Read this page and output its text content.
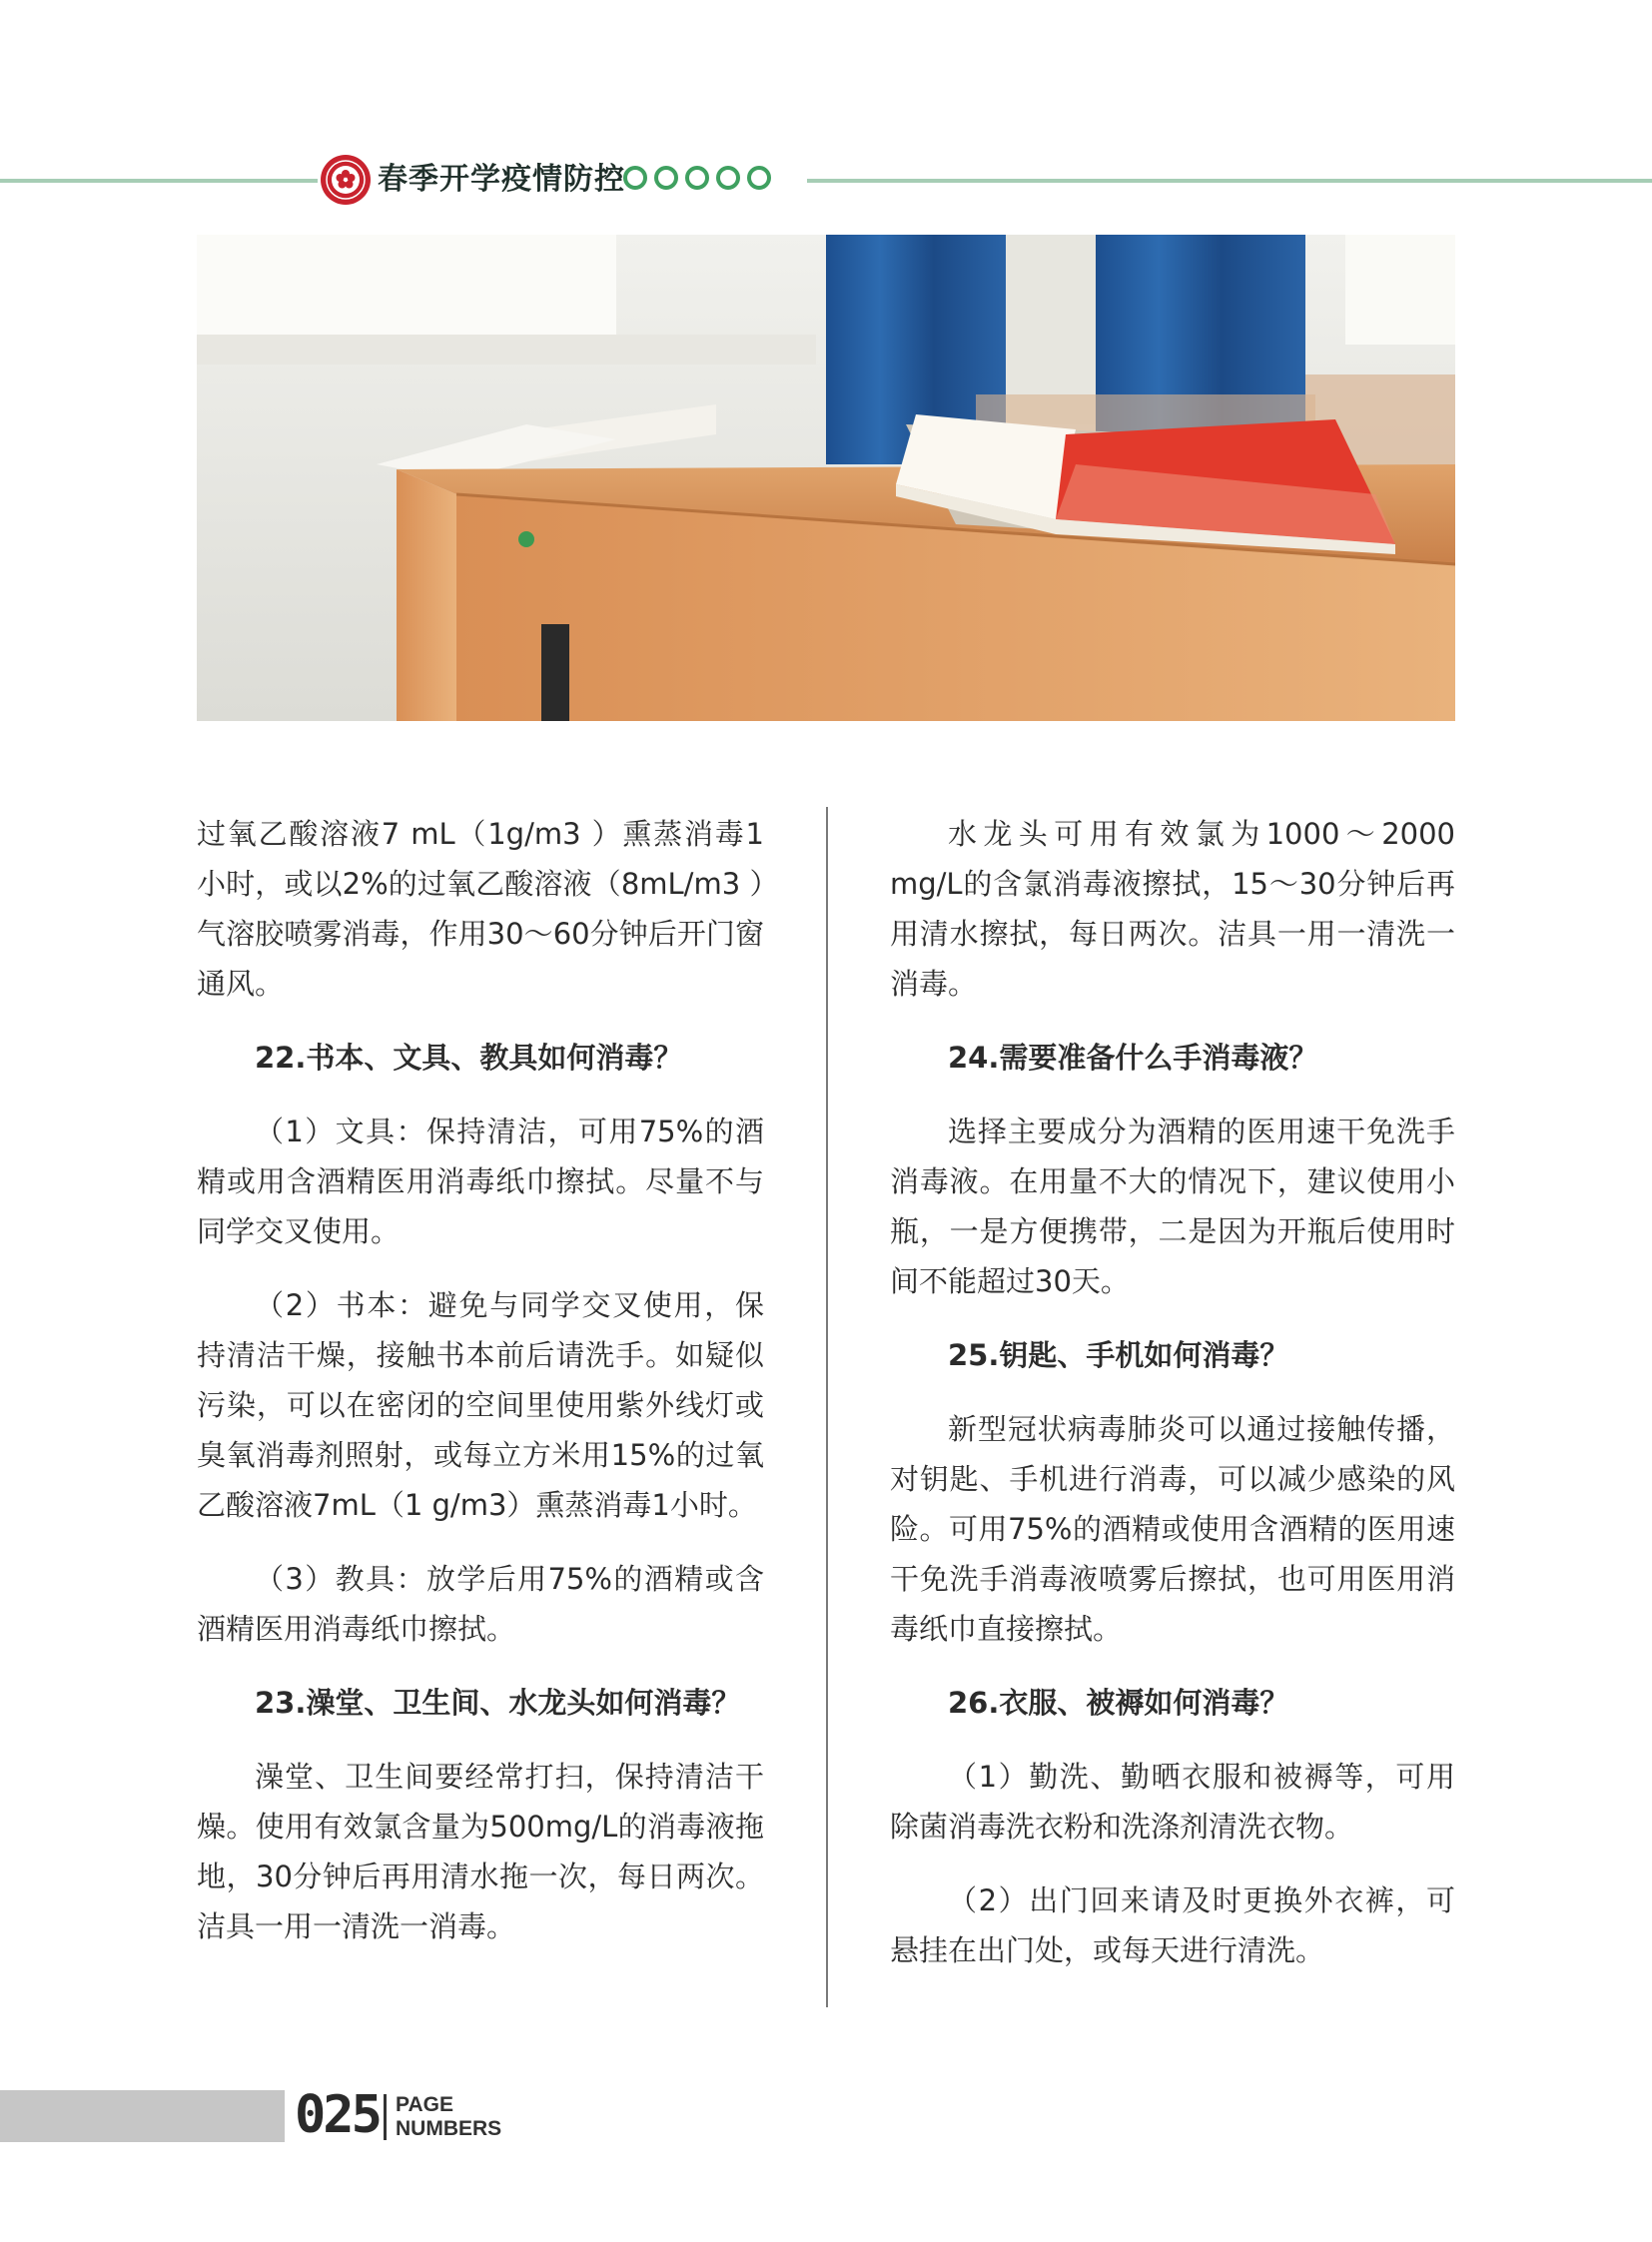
春季开学疫情防控

过氧乙酸溶液7 mL（1g/m3 ）熏蒸消毒1小时，或以2%的过氧乙酸溶液（8mL/m3 ）气溶胶喷雾消毒，作用30～60分钟后开门窗通风。

22.书本、文具、教具如何消毒？

（1）文具：保持清洁，可用75%的酒精或用含酒精医用消毒纸巾擦拭。尽量不与同学交叉使用。

（2）书本：避免与同学交叉使用，保持清洁干燥，接触书本前后请洗手。如疑似污染，可以在密闭的空间里使用紫外线灯或臭氧消毒剂照射，或每立方米用15%的过氧乙酸溶液7mL（1 g/m3）熏蒸消毒1小时。

（3）教具：放学后用75%的酒精或含酒精医用消毒纸巾擦拭。

23.澡堂、卫生间、水龙头如何消毒？

澡堂、卫生间要经常打扫，保持清洁干燥。使用有效氯含量为500mg/L的消毒液拖地，30分钟后再用清水拖一次，每日两次。洁具一用一清洗一消毒。

水龙头可用有效氯为1000～2000 mg/L的含氯消毒液擦拭，15～30分钟后再用清水擦拭，每日两次。洁具一用一清洗一消毒。

24.需要准备什么手消毒液？

选择主要成分为酒精的医用速干免洗手消毒液。在用量不大的情况下，建议使用小瓶，一是方便携带，二是因为开瓶后使用时间不能超过30天。

25.钥匙、手机如何消毒？

新型冠状病毒肺炎可以通过接触传播，对钥匙、手机进行消毒，可以减少感染的风险。可用75%的酒精或使用含酒精的医用速干免洗手消毒液喷雾后擦拭，也可用医用消毒纸巾直接擦拭。

26.衣服、被褥如何消毒？

（1）勤洗、勤晒衣服和被褥等，可用除菌消毒洗衣粉和洗涤剂清洗衣物。

（2）出门回来请及时更换外衣裤，可悬挂在出门处，或每天进行清洗。

025 PAGE
NUMBERS
